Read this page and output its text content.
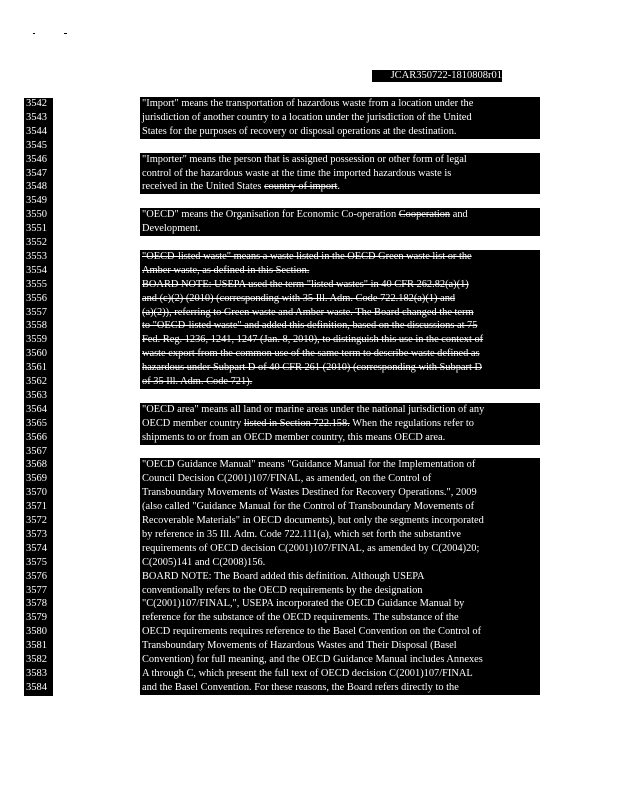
JCAR350722-1810808r01
3545
3549
3552
3563
3567
3542
3543
3544
3546
3547
3548
3550
3551
3553
3554
3555
3556
3557
3558
3559
3560
3561
3562
3564
3565
3566
3568
3569
3570
3571
3572
3573
3574
3575
3576
3577
3578
3579
3580
3581
3582
3583
3584
"Import" means the transportation of hazardous waste from a location under the
jurisdiction of another country to a location under the jurisdiction of the United
States for the purposes of recovery or disposal operations at the destination.
"Importer" means the person that is assigned possession or other form of legal
control of the hazardous waste at the time the imported hazardous waste is
received in the United States country of import.
"OECD" means the Organisation for Economic Co-operation Cooperation and
Development.
"OECD-listed waste" means a waste listed in the OECD Green waste list or the
Amber waste, as defined in this Section.
BOARD NOTE: USEPA used the term "listed wastes" in 40 CFR 262.82(a)(1)
and (c)(2) (2010) (corresponding with 35 Ill. Adm. Code 722.182(a)(1) and
(a)(2)), referring to Green waste and Amber waste. The Board changed the term
to "OECD-listed waste" and added this definition, based on the discussions at 75
Fed. Reg. 1236, 1241, 1247 (Jan. 8, 2010), to distinguish this use in the context of
waste export from the common use of the same term to describe waste defined as
hazardous under Subpart D of 40 CFR 261 (2010) (corresponding with Subpart D
of 35 Ill. Adm. Code 721).
"OECD area" means all land or marine areas under the national jurisdiction of any
OECD member country listed in Section 722.158. When the regulations refer to
shipments to or from an OECD member country, this means OECD area.
"OECD Guidance Manual" means "Guidance Manual for the Implementation of
Council Decision C(2001)107/FINAL, as amended, on the Control of
Transboundary Movements of Wastes Destined for Recovery Operations.", 2009
(also called "Guidance Manual for the Control of Transboundary Movements of
Recoverable Materials" in OECD documents), but only the segments incorporated
by reference in 35 Ill. Adm. Code 722.111(a), which set forth the substantive
requirements of OECD decision C(2001)107/FINAL, as amended by C(2004)20;
C(2005)141 and C(2008)156.
BOARD NOTE: The Board added this definition. Although USEPA
conventionally refers to the OECD requirements by the designation
"C(2001)107/FINAL,", USEPA incorporated the OECD Guidance Manual by
reference for the substance of the OECD requirements. The substance of the
OECD requirements requires reference to the Basel Convention on the Control of
Transboundary Movements of Hazardous Wastes and Their Disposal (Basel
Convention) for full meaning, and the OECD Guidance Manual includes Annexes
A through C, which present the full text of OECD decision C(2001)107/FINAL
and the Basel Convention. For these reasons, the Board refers directly to the
